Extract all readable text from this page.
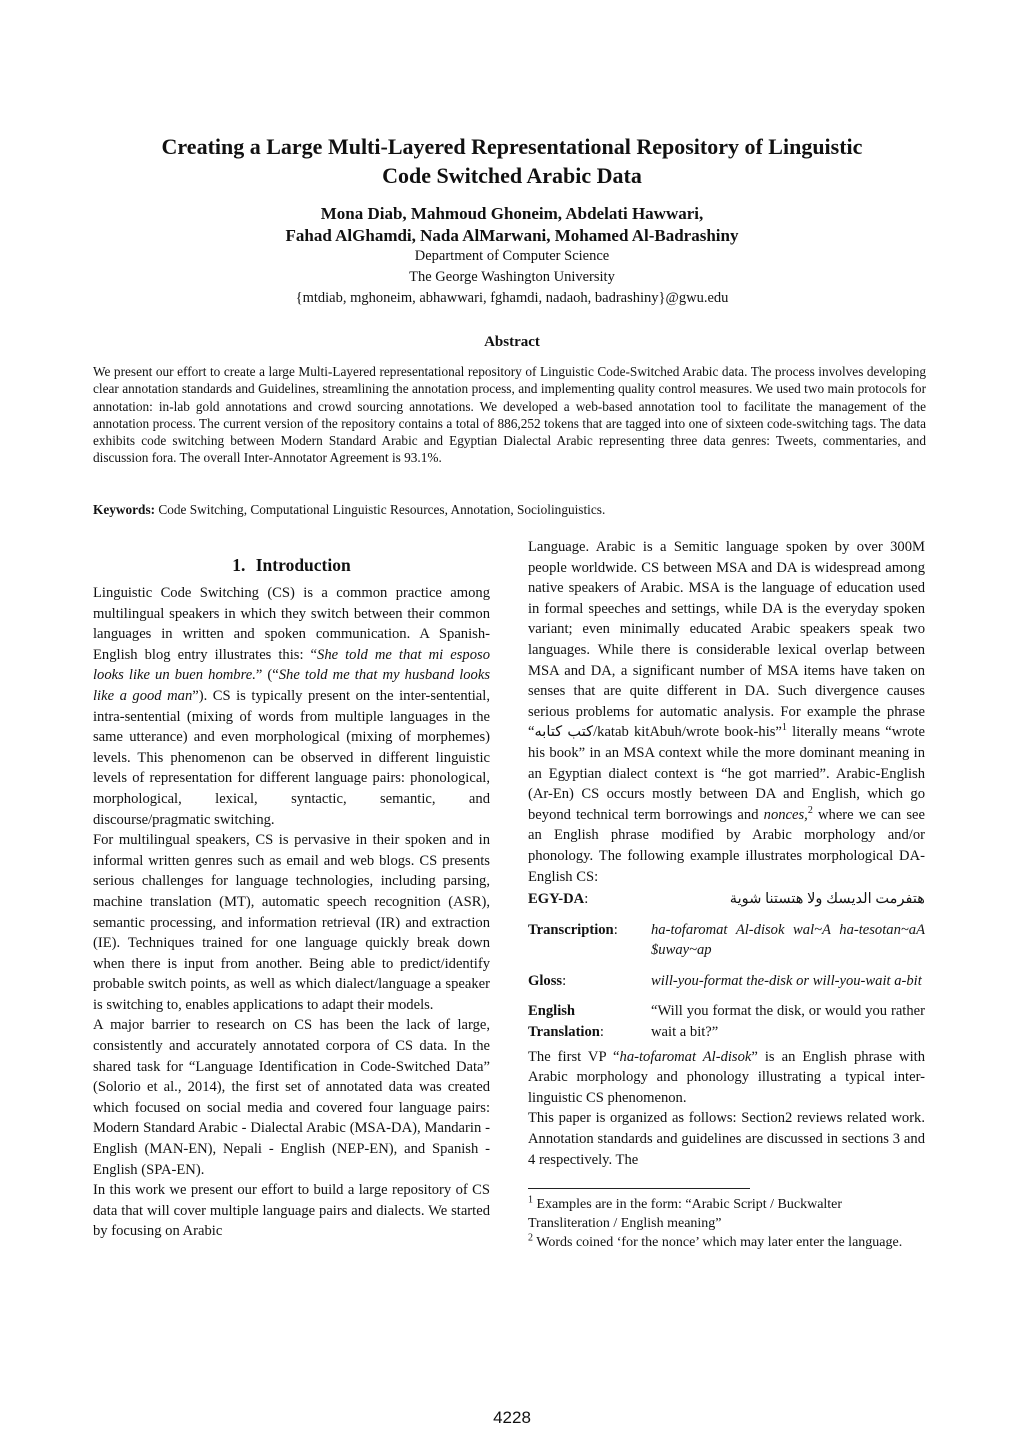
Creating a Large Multi-Layered Representational Repository of Linguistic
Code Switched Arabic Data
Mona Diab, Mahmoud Ghoneim, Abdelati Hawwari,
Fahad AlGhamdi, Nada AlMarwani, Mohamed Al-Badrashiny
Department of Computer Science
The George Washington University
{mtdiab, mghoneim, abhawwari, fghamdi, nadaoh, badrashiny}@gwu.edu
Abstract
We present our effort to create a large Multi-Layered representational repository of Linguistic Code-Switched Arabic data. The process involves developing clear annotation standards and Guidelines, streamlining the annotation process, and implementing quality control measures. We used two main protocols for annotation: in-lab gold annotations and crowd sourcing annotations. We developed a web-based annotation tool to facilitate the management of the annotation process. The current version of the repository contains a total of 886,252 tokens that are tagged into one of sixteen code-switching tags. The data exhibits code switching between Modern Standard Arabic and Egyptian Dialectal Arabic representing three data genres: Tweets, commentaries, and discussion fora. The overall Inter-Annotator Agreement is 93.1%.
Keywords: Code Switching, Computational Linguistic Resources, Annotation, Sociolinguistics.
1. Introduction

Linguistic Code Switching (CS) is a common practice among multilingual speakers in which they switch between their common languages in written and spoken communication. A Spanish-English blog entry illustrates this: “She told me that mi esposo looks like un buen hombre.” (“She told me that my husband looks like a good man”). CS is typically present on the inter-sentential, intra-sentential (mixing of words from multiple languages in the same utterance) and even morphological (mixing of morphemes) levels. This phenomenon can be observed in different linguistic levels of representation for different language pairs: phonological, morphological, lexical, syntactic, semantic, and discourse/pragmatic switching.

For multilingual speakers, CS is pervasive in their spoken and in informal written genres such as email and web blogs. CS presents serious challenges for language technologies, including parsing, machine translation (MT), automatic speech recognition (ASR), semantic processing, and information retrieval (IR) and extraction (IE). Techniques trained for one language quickly break down when there is input from another. Being able to predict/identify probable switch points, as well as which dialect/language a speaker is switching to, enables applications to adapt their models.

A major barrier to research on CS has been the lack of large, consistently and accurately annotated corpora of CS data. In the shared task for “Language Identification in Code-Switched Data” (Solorio et al., 2014), the first set of annotated data was created which focused on social media and covered four language pairs: Modern Standard Arabic - Dialectal Arabic (MSA-DA), Mandarin - English (MAN-EN), Nepali - English (NEP-EN), and Spanish - English (SPA-EN).

In this work we present our effort to build a large repository of CS data that will cover multiple language pairs and dialects. We started by focusing on Arabic

Language. Arabic is a Semitic language spoken by over 300M people worldwide. CS between MSA and DA is widespread among native speakers of Arabic. MSA is the language of education used in formal speeches and settings, while DA is the everyday spoken variant; even minimally educated Arabic speakers speak two languages. While there is considerable lexical overlap between MSA and DA, a significant number of MSA items have taken on senses that are quite different in DA. Such divergence causes serious problems for automatic analysis. For example the phrase “كتب كتابه/katab kitAbuh/wrote book-his”$^1$ literally means “wrote his book” in an MSA context while the more dominant meaning in an Egyptian dialect context is “he got married”. Arabic-English (Ar-En) CS occurs mostly between DA and English, which go beyond technical term borrowings and nonces,$^2$ where we can see an English phrase modified by Arabic morphology and/or phonology. The following example illustrates morphological DA-English CS:

EGY-DA:	هتفرمت الديسك ولا هتستنا شوية

Transcription:	ha-tofaromat Al-disok wal~A ha-tesotan~aA $uway~ap

Gloss:	will-you-format the-disk or will-you-wait a-bit

English
Translation:	“Will you format the disk, or would you rather wait a bit?”

The first VP “ha-tofaromat Al-disok” is an English phrase with Arabic morphology and phonology illustrating a typical inter-linguistic CS phenomenon.

This paper is organized as follows: Section2 reviews related work. Annotation standards and guidelines are discussed in sections 3 and 4 respectively. The

$^1$ Examples are in the form: “Arabic Script / Buckwalter Transliteration / English meaning”
$^2$ Words coined ‘for the nonce’ which may later enter the language.
4228
